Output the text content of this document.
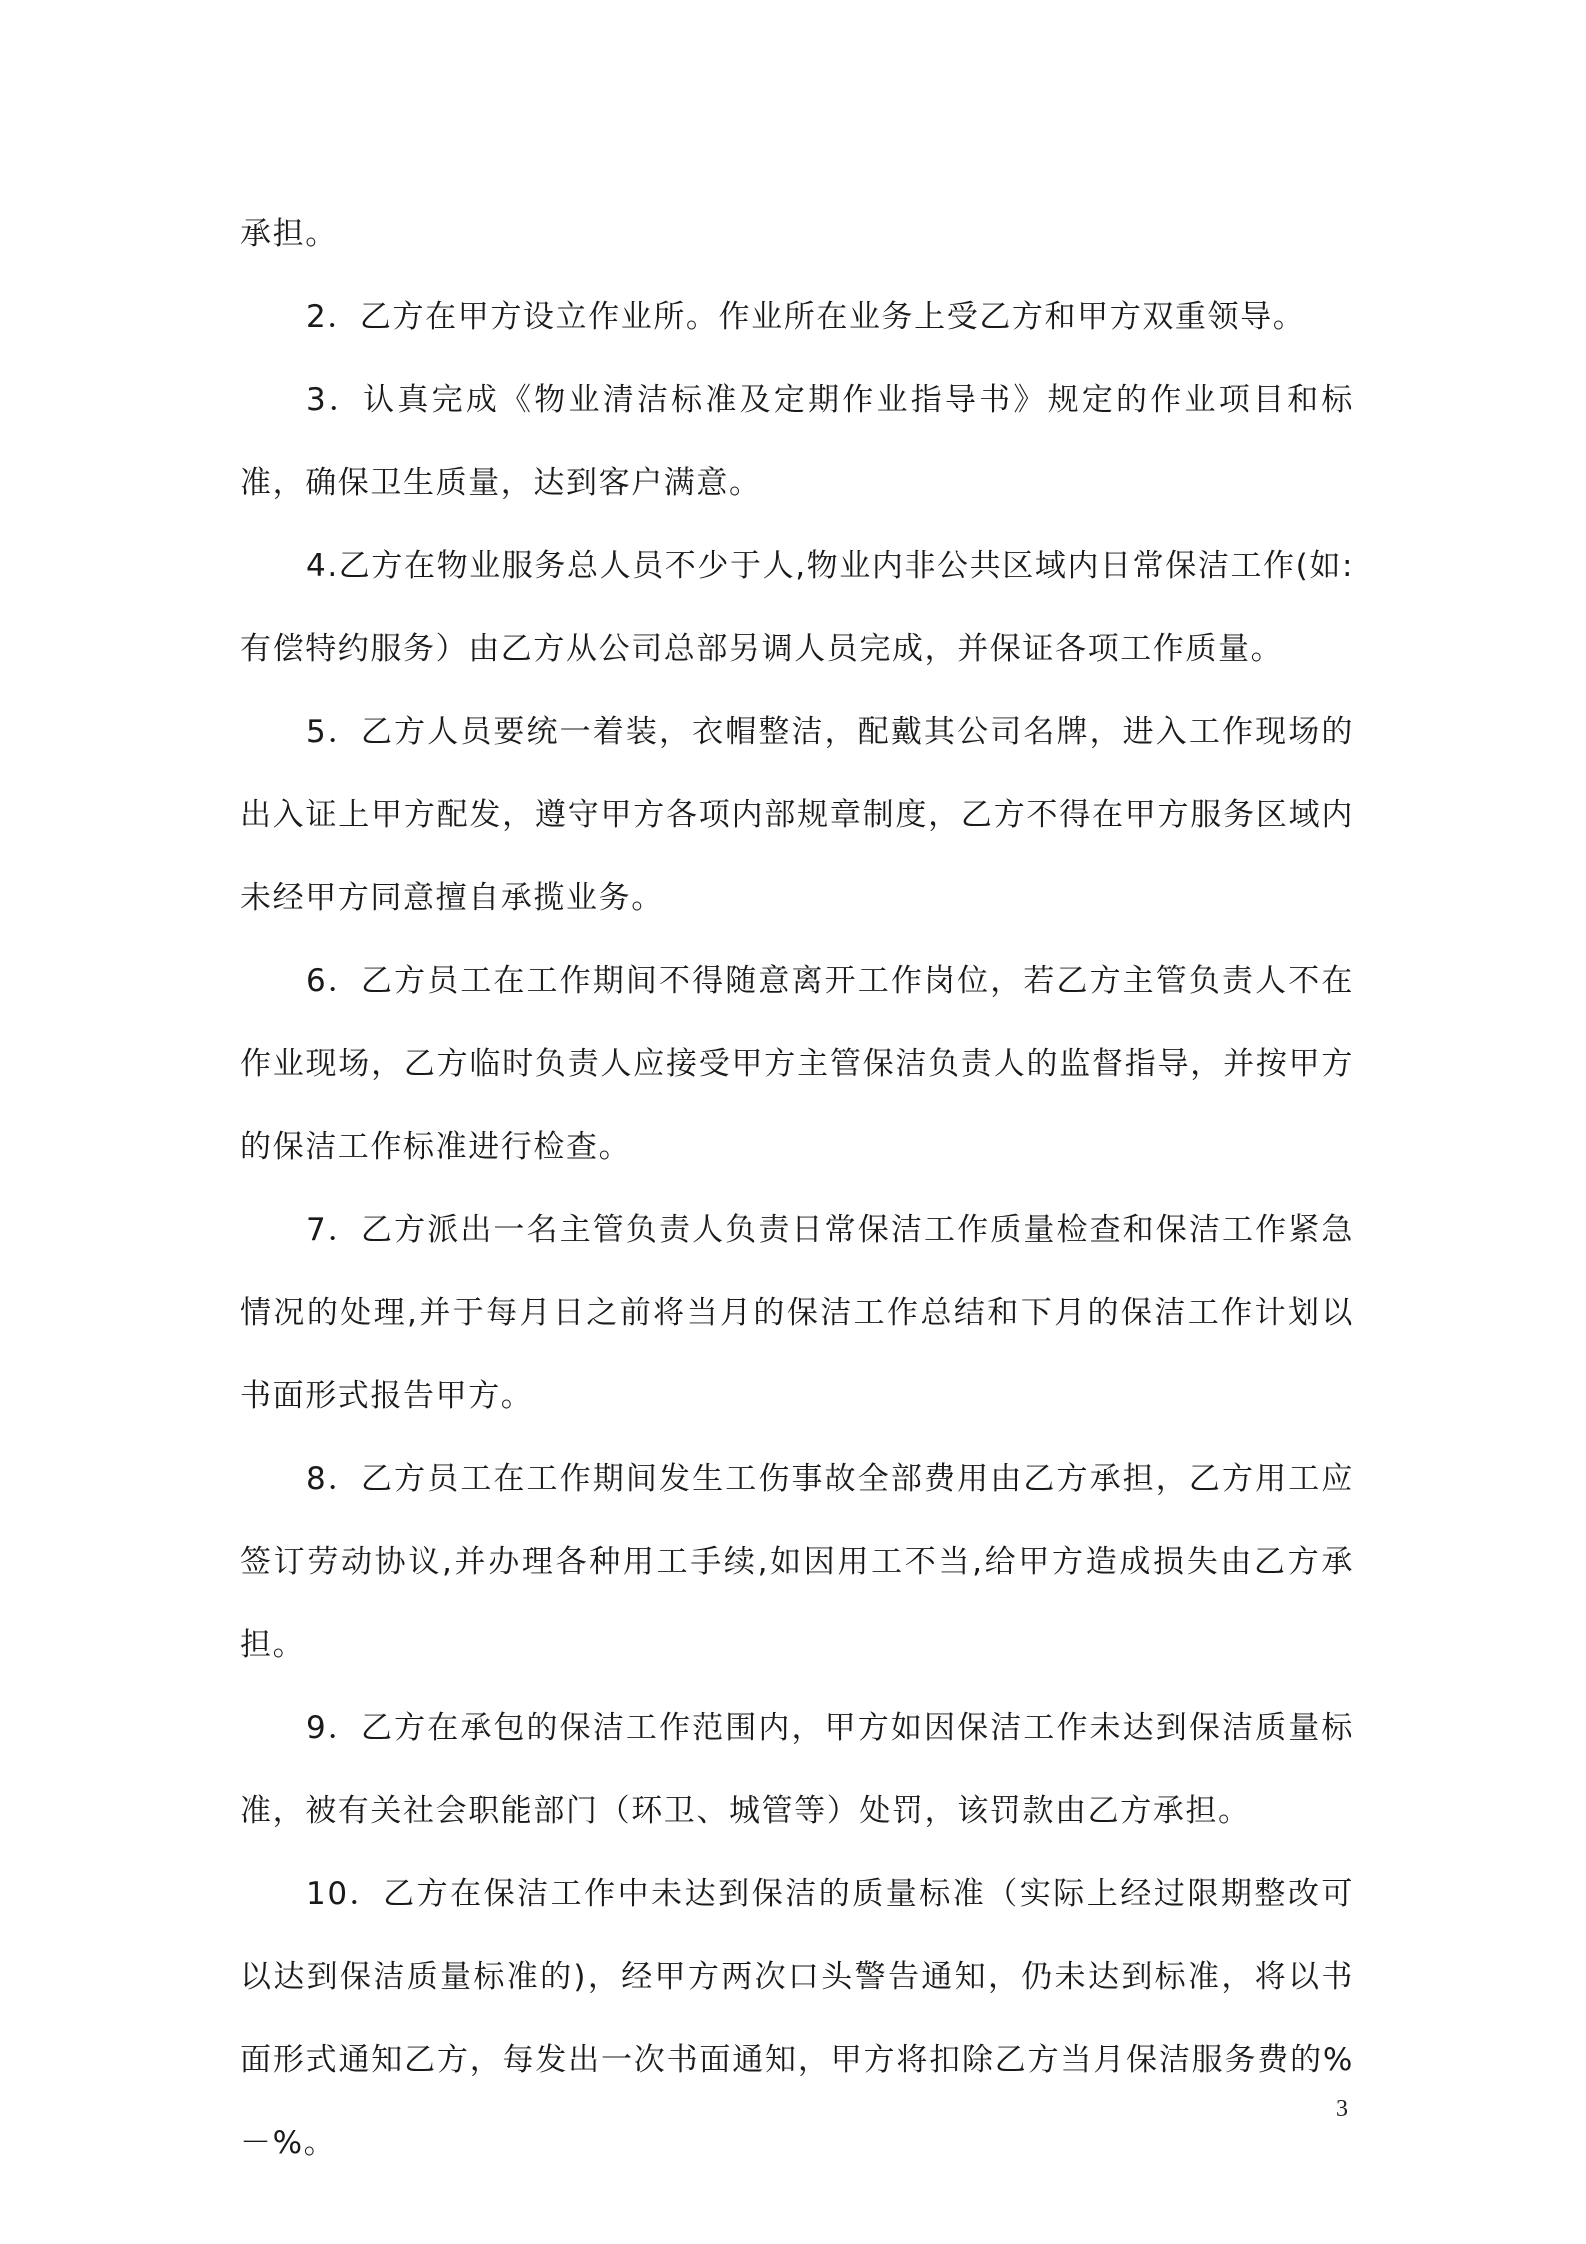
承担。

2．乙方在甲方设立作业所。作业所在业务上受乙方和甲方双重领导。

3．认真完成《物业清洁标准及定期作业指导书》规定的作业项目和标准，确保卫生质量，达到客户满意。

4.乙方在物业服务总人员不少于人,物业内非公共区域内日常保洁工作(如:有偿特约服务）由乙方从公司总部另调人员完成，并保证各项工作质量。

5．乙方人员要统一着装，衣帽整洁，配戴其公司名牌，进入工作现场的出入证上甲方配发，遵守甲方各项内部规章制度，乙方不得在甲方服务区域内未经甲方同意擅自承揽业务。

6．乙方员工在工作期间不得随意离开工作岗位，若乙方主管负责人不在作业现场，乙方临时负责人应接受甲方主管保洁负责人的监督指导，并按甲方的保洁工作标准进行检查。

7．乙方派出一名主管负责人负责日常保洁工作质量检查和保洁工作紧急情况的处理,并于每月日之前将当月的保洁工作总结和下月的保洁工作计划以书面形式报告甲方。

8．乙方员工在工作期间发生工伤事故全部费用由乙方承担，乙方用工应签订劳动协议,并办理各种用工手续,如因用工不当,给甲方造成损失由乙方承担。

9．乙方在承包的保洁工作范围内，甲方如因保洁工作未达到保洁质量标准，被有关社会职能部门（环卫、城管等）处罚，该罚款由乙方承担。

10．乙方在保洁工作中未达到保洁的质量标准（实际上经过限期整改可以达到保洁质量标准的)，经甲方两次口头警告通知，仍未达到标准，将以书面形式通知乙方，每发出一次书面通知，甲方将扣除乙方当月保洁服务费的%－%。

3
